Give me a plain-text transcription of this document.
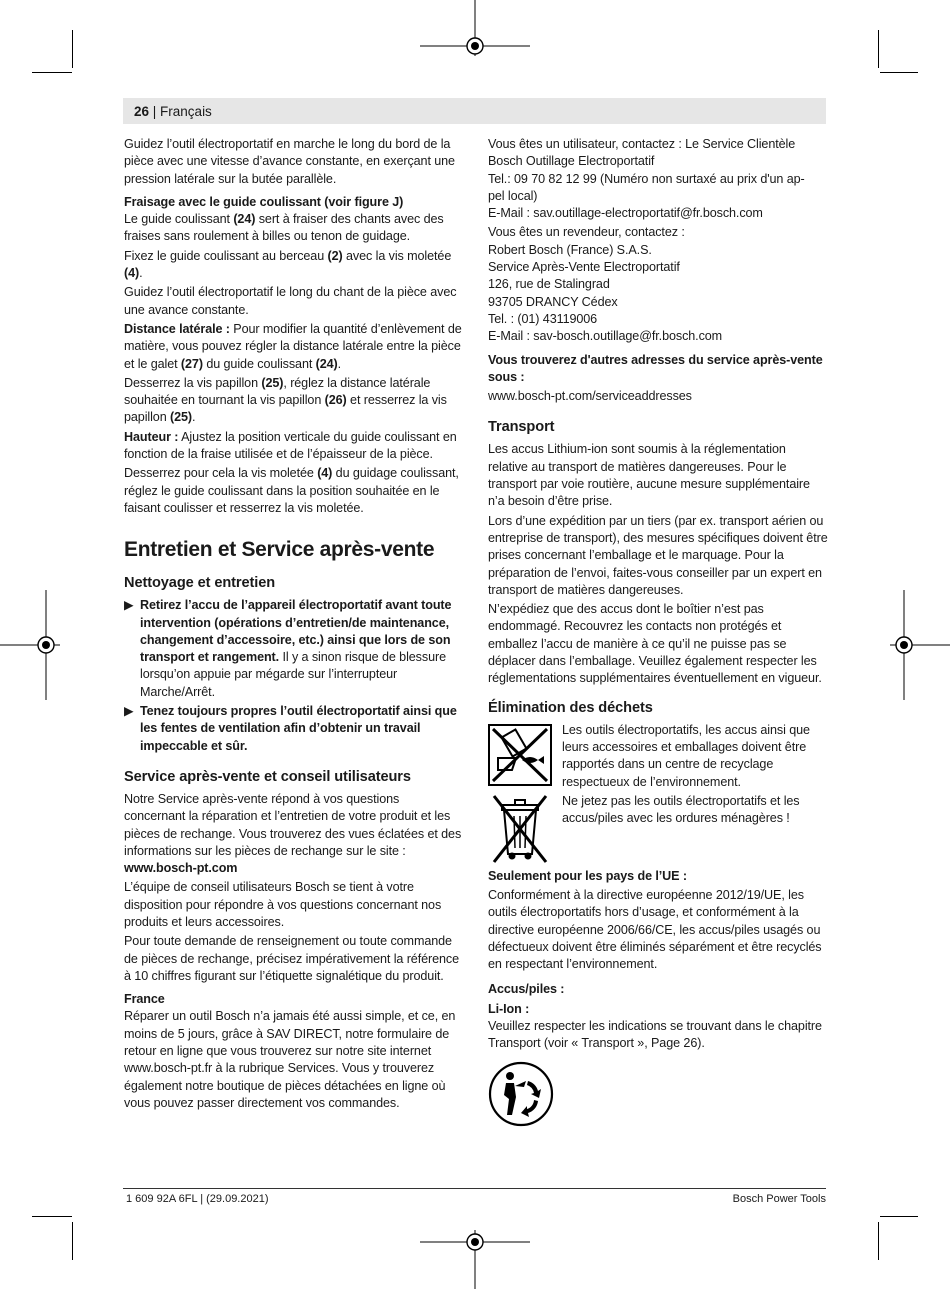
26 | Français

Guidez l’outil électroportatif en marche le long du bord de la pièce avec une vitesse d’avance constante, en exerçant une pression latérale sur la butée parallèle.

Fraisage avec le guide coulissant (voir figure J)

Le guide coulissant (24) sert à fraiser des chants avec des fraises sans roulement à billes ou tenon de guidage.

Fixez le guide coulissant au berceau (2) avec la vis moletée (4).

Guidez l’outil électroportatif le long du chant de la pièce avec une avance constante.

Distance latérale : Pour modifier la quantité d’enlèvement de matière, vous pouvez régler la distance latérale entre la pièce et le galet (27) du guide coulissant (24).

Desserrez la vis papillon (25), réglez la distance latérale souhaitée en tournant la vis papillon (26) et resserrez la vis papillon (25).

Hauteur : Ajustez la position verticale du guide coulissant en fonction de la fraise utilisée et de l’épaisseur de la pièce.

Desserrez pour cela la vis moletée (4) du guidage coulissant, réglez le guide coulissant dans la position souhaitée en le faisant coulisser et resserrez la vis moletée.

Entretien et Service après-vente
Nettoyage et entretien
▶ Retirez l’accu de l’appareil électroportatif avant toute intervention (opérations d’entretien/de maintenance, changement d’accessoire, etc.) ainsi que lors de son transport et rangement. Il y a sinon risque de blessure lorsqu’on appuie par mégarde sur l’interrupteur Marche/Arrêt.
▶ Tenez toujours propres l’outil électroportatif ainsi que les fentes de ventilation afin d’obtenir un travail impeccable et sûr.
Service après-vente et conseil utilisateurs

Notre Service après-vente répond à vos questions concernant la réparation et l’entretien de votre produit et les pièces de rechange. Vous trouverez des vues éclatées et des informations sur les pièces de rechange sur le site :

www.bosch-pt.com

L’équipe de conseil utilisateurs Bosch se tient à votre disposition pour répondre à vos questions concernant nos produits et leurs accessoires.

Pour toute demande de renseignement ou toute commande de pièces de rechange, précisez impérativement la référence à 10 chiffres figurant sur l’étiquette signalétique du produit.

France

Réparer un outil Bosch n’a jamais été aussi simple, et ce, en moins de 5 jours, grâce à SAV DIRECT, notre formulaire de retour en ligne que vous trouverez sur notre site internet www.bosch-pt.fr à la rubrique Services. Vous y trouverez également notre boutique de pièces détachées en ligne où vous pouvez passer directement vos commandes.

Vous êtes un utilisateur, contactez : Le Service Clientèle
Bosch Outillage Electroportatif
Tel.: 09 70 82 12 99 (Numéro non surtaxé au prix d'un ap-
pel local)
E-Mail : sav.outillage-electroportatif@fr.bosch.com
Vous êtes un revendeur, contactez :
Robert Bosch (France) S.A.S.
Service Après-Vente Electroportatif
126, rue de Stalingrad
93705 DRANCY Cédex
Tel. : (01) 43119006
E-Mail : sav-bosch.outillage@fr.bosch.com
Vous trouverez d'autres adresses du service après-vente sous :

www.bosch-pt.com/serviceaddresses

Transport

Les accus Lithium-ion sont soumis à la réglementation relative au transport de matières dangereuses. Pour le transport par voie routière, aucune mesure supplémentaire n’a besoin d’être prise.

Lors d’une expédition par un tiers (par ex. transport aérien ou entreprise de transport), des mesures spécifiques doivent être prises concernant l’emballage et le marquage. Pour la préparation de l’envoi, faites-vous conseiller par un expert en transport de matières dangereuses.

N’expédiez que des accus dont le boîtier n’est pas endommagé. Recouvrez les contacts non protégés et emballez l’accu de manière à ce qu’il ne puisse pas se déplacer dans l’emballage. Veuillez également respecter les réglementations supplémentaires éventuellement en vigueur.

Élimination des déchets

Les outils électroportatifs, les accus ainsi que leurs accessoires et emballages doivent être rapportés dans un centre de recyclage respectueux de l’environnement.

Ne jetez pas les outils électroportatifs et les accus/piles avec les ordures ménagères !

Seulement pour les pays de l’UE :

Conformément à la directive européenne 2012/19/UE, les outils électroportatifs hors d’usage, et conformément à la directive européenne 2006/66/CE, les accus/piles usagés ou défectueux doivent être éliminés séparément et être recyclés en respectant l’environnement.

Accus/piles :
Li-Ion :

Veuillez respecter les indications se trouvant dans le chapitre Transport (voir « Transport », Page 26).

1 609 92A 6FL | (29.09.2021)	Bosch Power Tools
